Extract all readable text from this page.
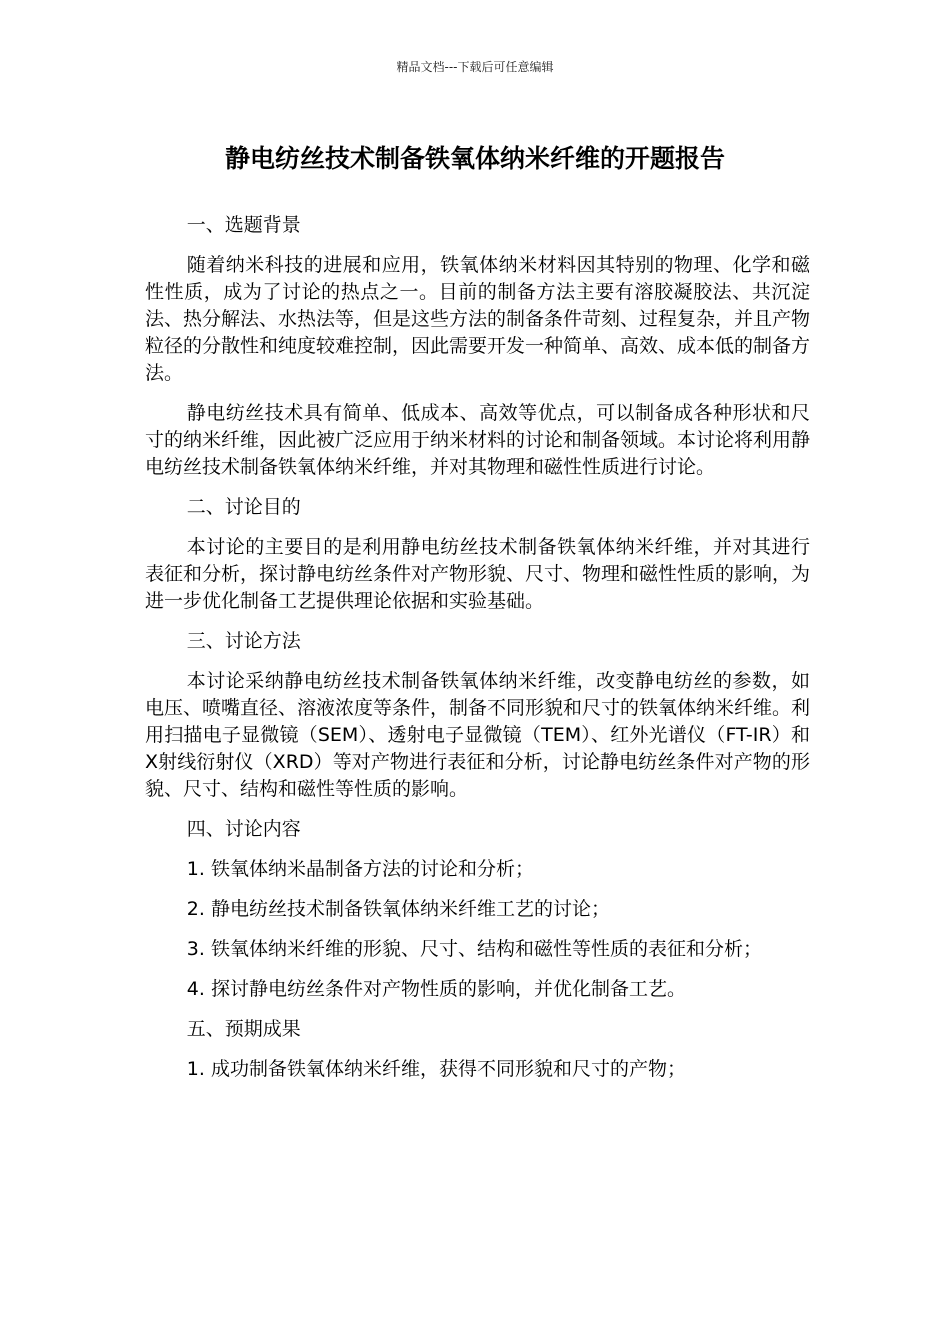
精品文档---下载后可任意编辑
静电纺丝技术制备铁氧体纳米纤维的开题报告

一、选题背景

随着纳米科技的进展和应用，铁氧体纳米材料因其特别的物理、化学和磁性性质，成为了讨论的热点之一。目前的制备方法主要有溶胶凝胶法、共沉淀法、热分解法、水热法等，但是这些方法的制备条件苛刻、过程复杂，并且产物粒径的分散性和纯度较难控制，因此需要开发一种简单、高效、成本低的制备方法。

静电纺丝技术具有简单、低成本、高效等优点，可以制备成各种形状和尺寸的纳米纤维，因此被广泛应用于纳米材料的讨论和制备领域。本讨论将利用静电纺丝技术制备铁氧体纳米纤维，并对其物理和磁性性质进行讨论。

二、讨论目的

本讨论的主要目的是利用静电纺丝技术制备铁氧体纳米纤维，并对其进行表征和分析，探讨静电纺丝条件对产物形貌、尺寸、物理和磁性性质的影响，为进一步优化制备工艺提供理论依据和实验基础。

三、讨论方法

本讨论采纳静电纺丝技术制备铁氧体纳米纤维，改变静电纺丝的参数，如电压、喷嘴直径、溶液浓度等条件，制备不同形貌和尺寸的铁氧体纳米纤维。利用扫描电子显微镜（SEM）、透射电子显微镜（TEM）、红外光谱仪（FT-IR）和X射线衍射仪（XRD）等对产物进行表征和分析，讨论静电纺丝条件对产物的形貌、尺寸、结构和磁性等性质的影响。

四、讨论内容

1. 铁氧体纳米晶制备方法的讨论和分析；

2. 静电纺丝技术制备铁氧体纳米纤维工艺的讨论；

3. 铁氧体纳米纤维的形貌、尺寸、结构和磁性等性质的表征和分析；

4. 探讨静电纺丝条件对产物性质的影响，并优化制备工艺。

五、预期成果

1. 成功制备铁氧体纳米纤维，获得不同形貌和尺寸的产物；
